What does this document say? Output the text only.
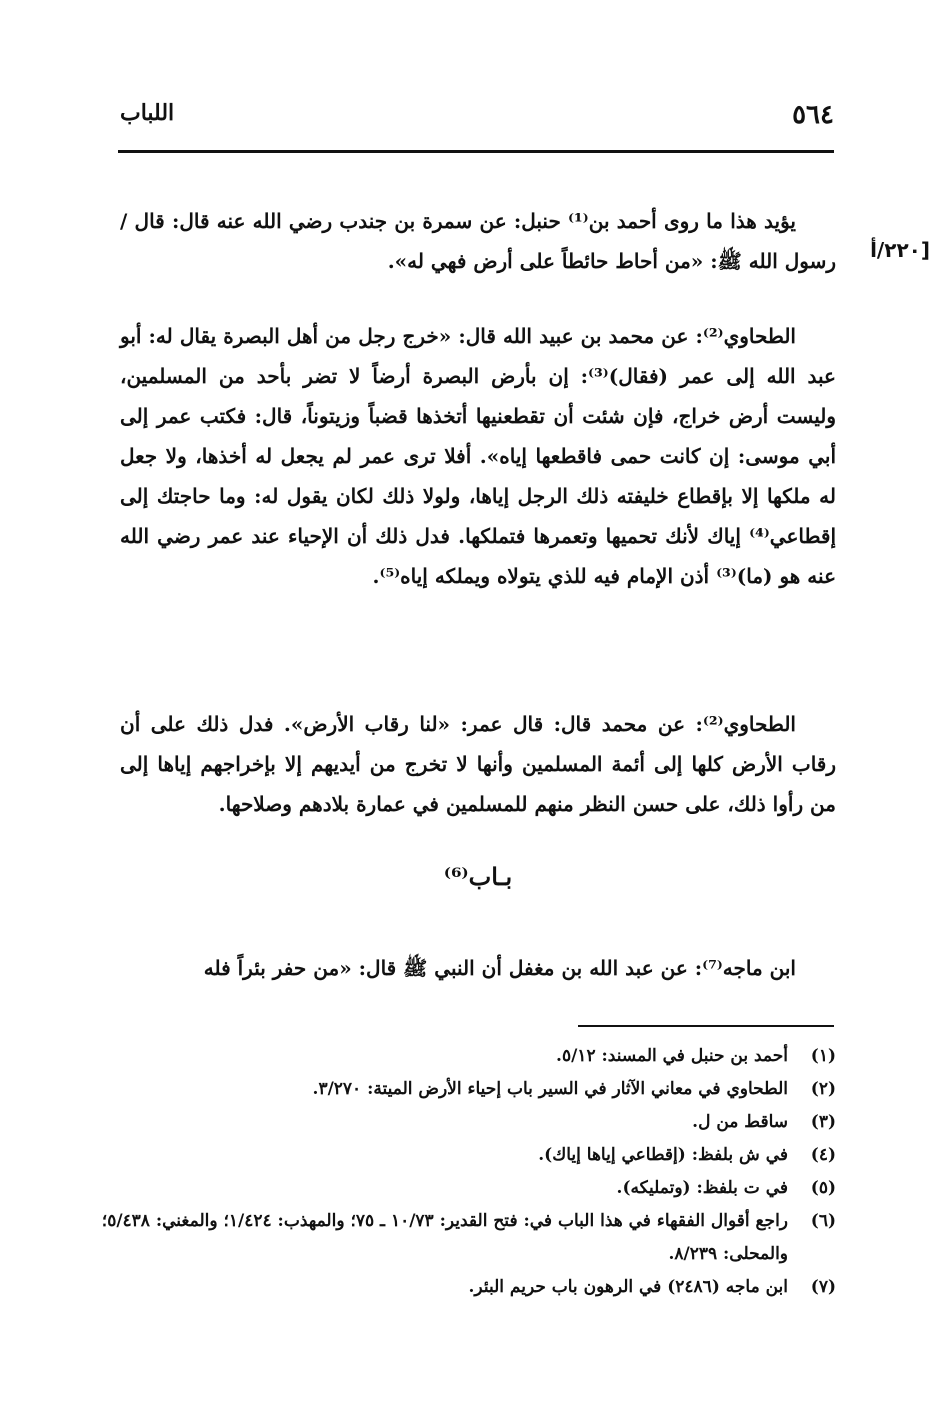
٥٦٤
اللباب
٢٢٠/أ]

يؤيد هذا ما روى أحمد بن⁽¹⁾ حنبل: عن سمرة بن جندب رضي الله عنه قال: قال / رسول الله ﷺ: «من أحاط حائطاً على أرض فهي له».

الطحاوي⁽²⁾: عن محمد بن عبيد الله قال: «خرج رجل من أهل البصرة يقال له: أبو عبد الله إلى عمر (فقال)⁽³⁾: إن بأرض البصرة أرضاً لا تضر بأحد من المسلمين، وليست أرض خراج، فإن شئت أن تقطعنيها أتخذها قضباً وزيتوناً، قال: فكتب عمر إلى أبي موسى: إن كانت حمى فاقطعها إياه». أفلا ترى عمر لم يجعل له أخذها، ولا جعل له ملكها إلا بإقطاع خليفته ذلك الرجل إياها، ولولا ذلك لكان يقول له: وما حاجتك إلى إقطاعي⁽⁴⁾ إياك لأنك تحميها وتعمرها فتملكها. فدل ذلك أن الإحياء عند عمر رضي الله عنه هو (ما)⁽³⁾ أذن الإمام فيه للذي يتولاه ويملكه إياه⁽⁵⁾.

الطحاوي⁽²⁾: عن محمد قال: قال عمر: «لنا رقاب الأرض». فدل ذلك على أن رقاب الأرض كلها إلى أئمة المسلمين وأنها لا تخرج من أيديهم إلا بإخراجهم إياها إلى من رأوا ذلك، على حسن النظر منهم للمسلمين في عمارة بلادهم وصلاحها.

بـاب⁽⁶⁾

ابن ماجه⁽⁷⁾: عن عبد الله بن مغفل أن النبي ﷺ قال: «من حفر بئراً فله

(١)
أحمد بن حنبل في المسند: ٥/١٢.
(٢)
الطحاوي في معاني الآثار في السير باب إحياء الأرض الميتة: ٣/٢٧٠.
(٣)
ساقط من ل.
(٤)
في ش بلفظ: (إقطاعي إياها إياك).
(٥)
في ت بلفظ: (وتمليكه).
(٦)
راجع أقوال الفقهاء في هذا الباب في: فتح القدير: ١٠/٧٣ ـ ٧٥؛ والمهذب: ١/٤٢٤؛ والمغني: ٥/٤٣٨؛ والمحلى: ٨/٢٣٩.
(٧)
ابن ماجه (٢٤٨٦) في الرهون باب حريم البئر.
